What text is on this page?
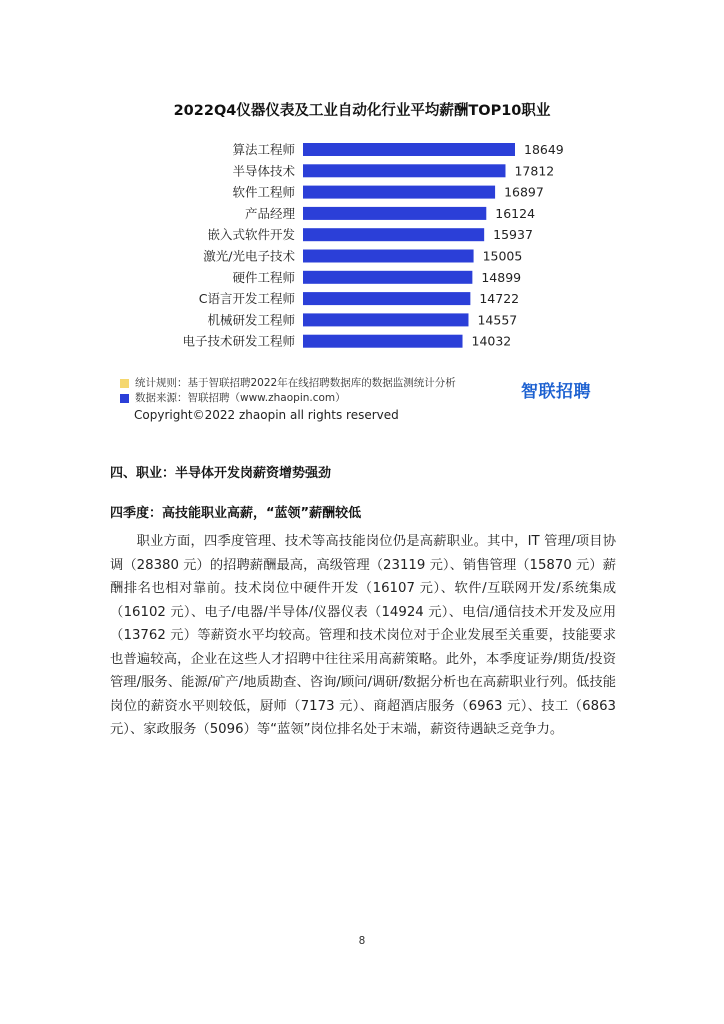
2022Q4仪器仪表及工业自动化行业平均薪酬TOP10职业
算法工程师	18649
半导体技术	17812
软件工程师	16897
产品经理	16124
嵌入式软件开发	15937
激光/光电子技术	15005
硬件工程师	14899
C语言开发工程师	14722
机械研发工程师	14557
电子技术研发工程师	14032
统计规则：基于智联招聘2022年在线招聘数据库的数据监测统计分析
数据来源：智联招聘（www.zhaopin.com）	智联招聘
Copyright©2022 zhaopin all rights reserved
四、职业：半导体开发岗薪资增势强劲
四季度：高技能职业高薪，“蓝领”薪酬较低
职业方面，四季度管理、技术等高技能岗位仍是高薪职业。其中，IT 管理/项目协调（28380 元）的招聘薪酬最高，高级管理（23119 元）、销售管理（15870 元）薪酬排名也相对靠前。技术岗位中硬件开发（16107 元）、软件/互联网开发/系统集成（16102 元）、电子/电器/半导体/仪器仪表（14924 元）、电信/通信技术开发及应用（13762 元）等薪资水平均较高。管理和技术岗位对于企业发展至关重要，技能要求也普遍较高，企业在这些人才招聘中往往采用高薪策略。此外，本季度证券/期货/投资管理/服务、能源/矿产/地质勘查、咨询/顾问/调研/数据分析也在高薪职业行列。低技能岗位的薪资水平则较低，厨师（7173 元）、商超酒店服务（6963 元）、技工（6863 元）、家政服务（5096）等“蓝领”岗位排名处于末端，薪资待遇缺乏竞争力。
8
